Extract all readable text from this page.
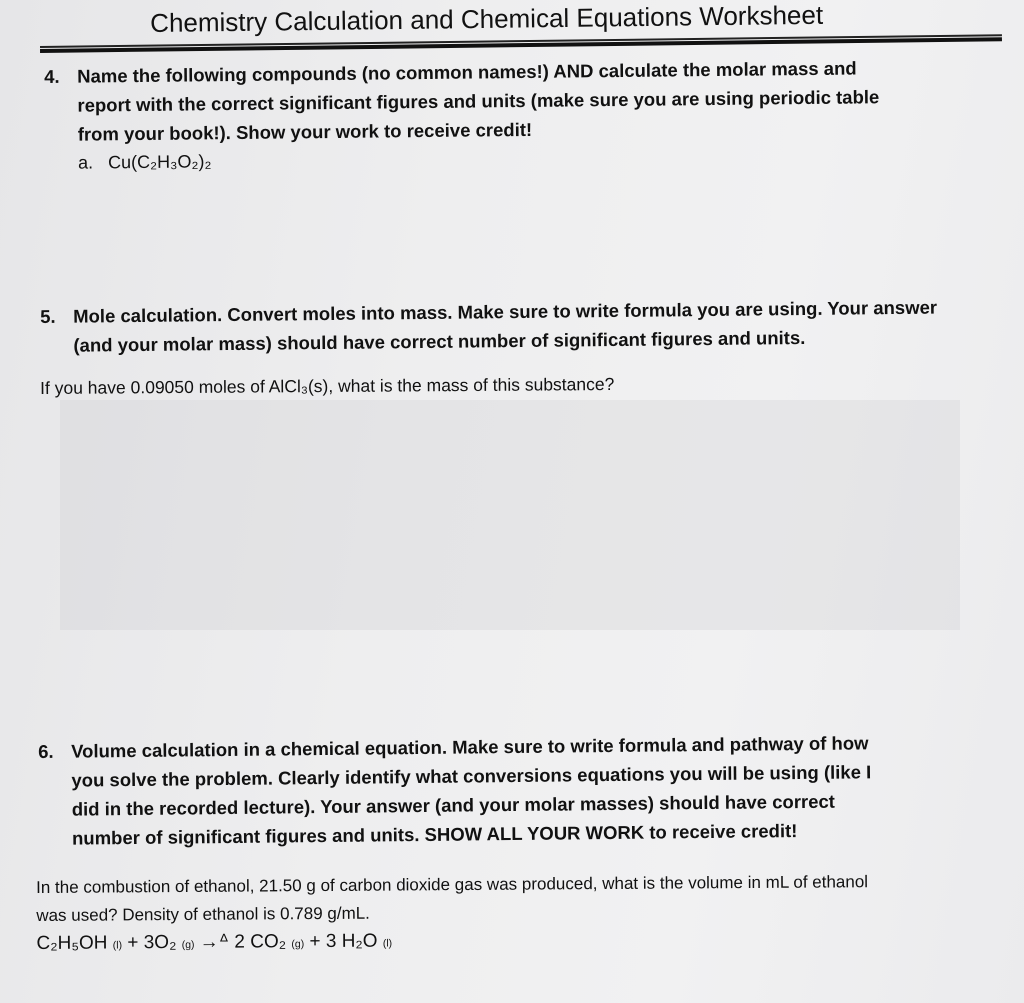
Chemistry Calculation and Chemical Equations Worksheet
4. Name the following compounds (no common names!) AND calculate the molar mass and
report with the correct significant figures and units (make sure you are using periodic table
from your book!). Show your work to receive credit!
a. Cu(C₂H₃O₂)₂
5. Mole calculation. Convert moles into mass. Make sure to write formula you are using. Your answer
(and your molar mass) should have correct number of significant figures and units.
If you have 0.09050 moles of AlCl₃(s), what is the mass of this substance?
6. Volume calculation in a chemical equation. Make sure to write formula and pathway of how
you solve the problem. Clearly identify what conversions equations you will be using (like I
did in the recorded lecture). Your answer (and your molar masses) should have correct
number of significant figures and units. SHOW ALL YOUR WORK to receive credit!
In the combustion of ethanol, 21.50 g of carbon dioxide gas was produced, what is the volume in mL of ethanol
was used? Density of ethanol is 0.789 g/mL.
C₂H₅OH (l) + 3O₂ (g) →ᐞ 2 CO₂ (g) + 3 H₂O (l)
